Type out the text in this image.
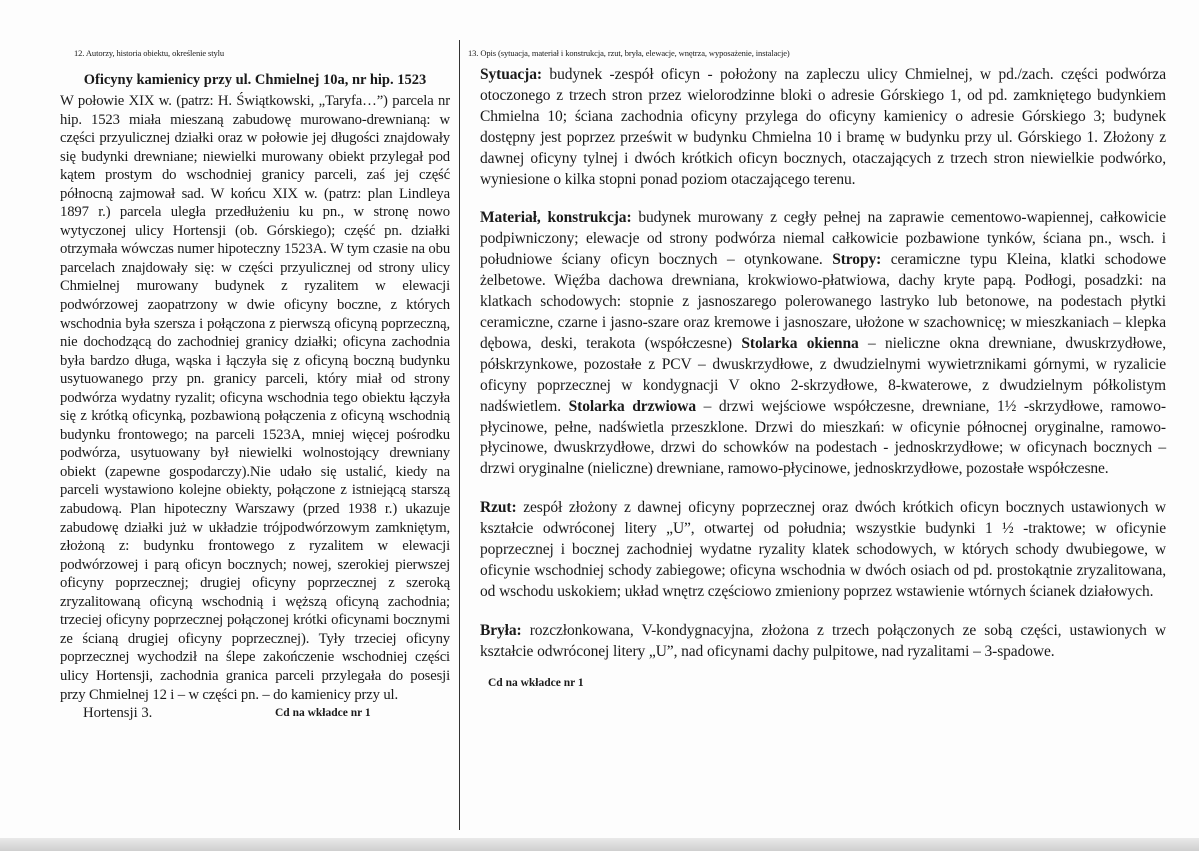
12. Autorzy, historia obiektu, określenie stylu
Oficyny kamienicy przy ul. Chmielnej 10a, nr hip. 1523
W połowie XIX w. (patrz: H. Świątkowski, „Taryfa…”) parcela nr hip. 1523 miała mieszaną zabudowę murowano-drewnianą: w części przyulicznej działki oraz w połowie jej długości znajdowały się budynki drewniane; niewielki murowany obiekt przylegał pod kątem prostym do wschodniej granicy parceli, zaś jej część północną zajmował sad. W końcu XIX w. (patrz: plan Lindleya 1897 r.) parcela uległa przedłużeniu ku pn., w stronę nowo wytyczonej ulicy Hortensji (ob. Górskiego); część pn. działki otrzymała wówczas numer hipoteczny 1523A. W tym czasie na obu parcelach znajdowały się: w części przyulicznej od strony ulicy Chmielnej murowany budynek z ryzalitem w elewacji podwórzowej zaopatrzony w dwie oficyny boczne, z których wschodnia była szersza i połączona z pierwszą oficyną poprzeczną, nie dochodzącą do zachodniej granicy działki; oficyna zachodnia była bardzo długa, wąska i łączyła się z oficyną boczną budynku usytuowanego przy pn. granicy parceli, który miał od strony podwórza wydatny ryzalit; oficyna wschodnia tego obiektu łączyła się z krótką oficynką, pozbawioną połączenia z oficyną wschodnią budynku frontowego; na parceli 1523A, mniej więcej pośrodku podwórza, usytuowany był niewielki wolnostojący drewniany obiekt (zapewne gospodarczy).Nie udało się ustalić, kiedy na parceli wystawiono kolejne obiekty, połączone z istniejącą starszą zabudową. Plan hipoteczny Warszawy (przed 1938 r.) ukazuje zabudowę działki już w układzie trójpodwórzowym zamkniętym, złożoną z: budynku frontowego z ryzalitem w elewacji podwórzowej i parą oficyn bocznych; nowej, szerokiej pierwszej oficyny poprzecznej; drugiej oficyny poprzecznej z szeroką zryzalitowaną oficyną wschodnią i węższą oficyną zachodnia; trzeciej oficyny poprzecznej połączonej krótki oficynami bocznymi ze ścianą drugiej oficyny poprzecznej). Tyły trzeciej oficyny poprzecznej wychodził na ślepe zakończenie wschodniej części ulicy Hortensji, zachodnia granica parceli przylegała do posesji przy Chmielnej 12 i – w części pn. – do kamienicy przy ul.
Hortensji 3.	Cd na wkładce nr 1
13. Opis (sytuacja, materiał i konstrukcja, rzut, bryła, elewacje, wnętrza, wyposażenie, instalacje)
Sytuacja: budynek -zespół oficyn - położony na zapleczu ulicy Chmielnej, w pd./zach. części podwórza otoczonego z trzech stron przez wielorodzinne bloki o adresie Górskiego 1, od pd. zamkniętego budynkiem Chmielna 10; ściana zachodnia oficyny przylega do oficyny kamienicy o adresie Górskiego 3; budynek dostępny jest poprzez prześwit w budynku Chmielna 10 i bramę w budynku przy ul. Górskiego 1. Złożony z dawnej oficyny tylnej i dwóch krótkich oficyn bocznych, otaczających z trzech stron niewielkie podwórko, wyniesione o kilka stopni ponad poziom otaczającego terenu.
Materiał, konstrukcja: budynek murowany z cegły pełnej na zaprawie cementowo-wapiennej, całkowicie podpiwniczony; elewacje od strony podwórza niemal całkowicie pozbawione tynków, ściana pn., wsch. i południowe ściany oficyn bocznych – otynkowane. Stropy: ceramiczne typu Kleina, klatki schodowe żelbetowe. Więźba dachowa drewniana, krokwiowo-płatwiowa, dachy kryte papą. Podłogi, posadzki: na klatkach schodowych: stopnie z jasnoszarego polerowanego lastryko lub betonowe, na podestach płytki ceramiczne, czarne i jasno-szare oraz kremowe i jasnoszare, ułożone w szachownicę; w mieszkaniach – klepka dębowa, deski, terakota (współczesne) Stolarka okienna – nieliczne okna drewniane, dwuskrzydłowe, półskrzynkowe, pozostałe z PCV – dwuskrzydłowe, z dwudzielnymi wywietrznikami górnymi, w ryzalicie oficyny poprzecznej w kondygnacji V okno 2-skrzydłowe, 8-kwaterowe, z dwudzielnym półkolistym nadświetlem. Stolarka drzwiowa – drzwi wejściowe współczesne, drewniane, 1½ -skrzydłowe, ramowo-płycinowe, pełne, nadświetla przeszklone. Drzwi do mieszkań: w oficynie północnej oryginalne, ramowo-płycinowe, dwuskrzydłowe, drzwi do schowków na podestach - jednoskrzydłowe; w oficynach bocznych – drzwi oryginalne (nieliczne) drewniane, ramowo-płycinowe, jednoskrzydłowe, pozostałe współczesne.
Rzut: zespół złożony z dawnej oficyny poprzecznej oraz dwóch krótkich oficyn bocznych ustawionych w kształcie odwróconej litery „U”, otwartej od południa; wszystkie budynki 1 ½ -traktowe; w oficynie poprzecznej i bocznej zachodniej wydatne ryzality klatek schodowych, w których schody dwubiegowe, w oficynie wschodniej schody zabiegowe; oficyna wschodnia w dwóch osiach od pd. prostokątnie zryzalitowana, od wschodu uskokiem; układ wnętrz częściowo zmieniony poprzez wstawienie wtórnych ścianek działowych.
Bryła: rozczłonkowana, V-kondygnacyjna, złożona z trzech połączonych ze sobą części, ustawionych w kształcie odwróconej litery „U”, nad oficynami dachy pulpitowe, nad ryzalitami – 3-spadowe.
Cd na wkładce nr 1
